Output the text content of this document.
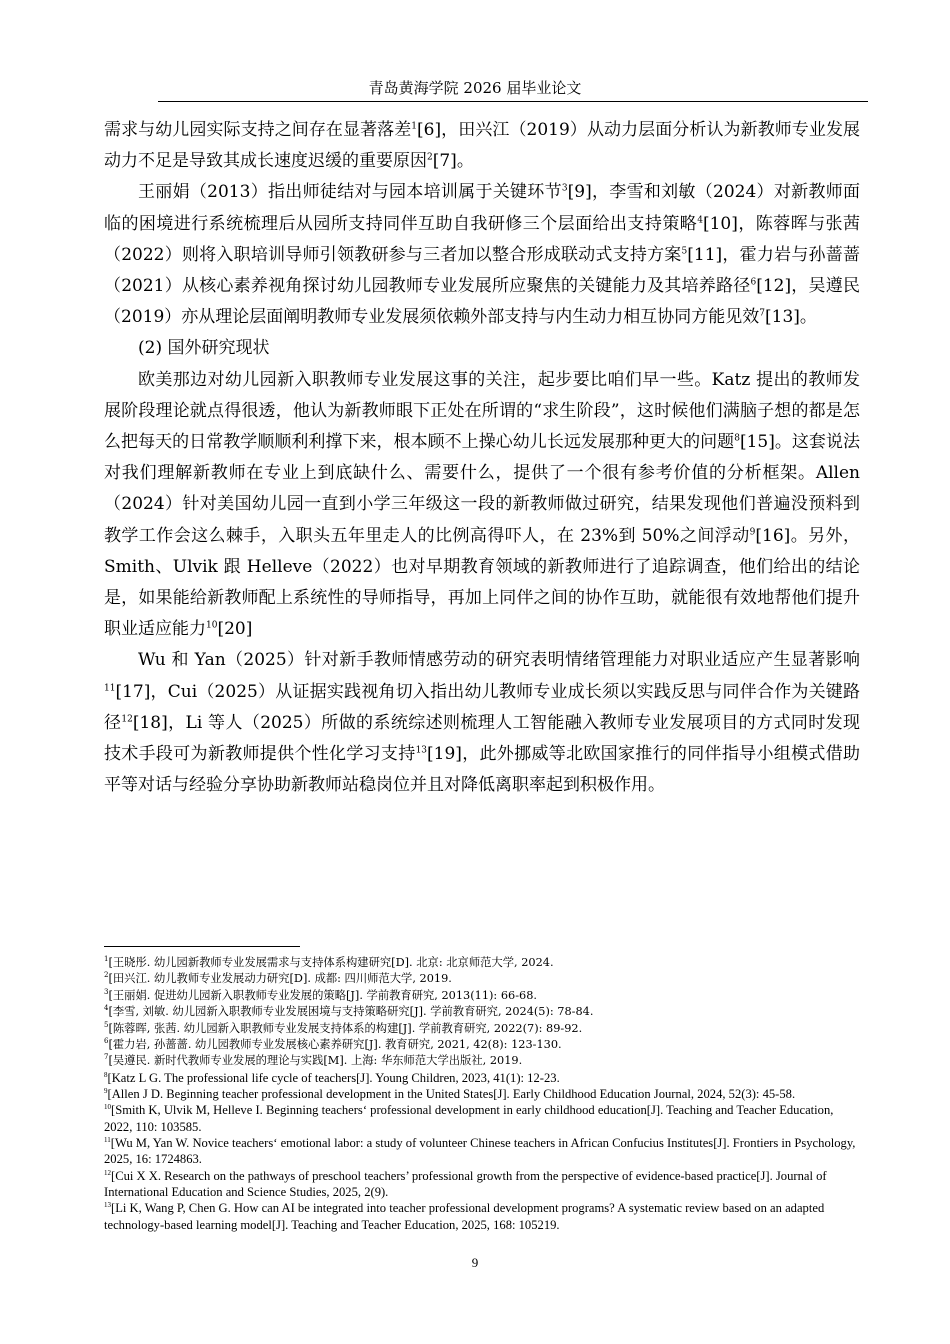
青岛黄海学院 2026 届毕业论文

需求与幼儿园实际支持之间存在显著落差$^1$[6]，田兴江（2019）从动力层面分析认为新教师专业发展动力不足是导致其成长速度迟缓的重要原因$^2$[7]。

王丽娟（2013）指出师徒结对与园本培训属于关键环节$^3$[9]，李雪和刘敏（2024）对新教师面临的困境进行系统梳理后从园所支持同伴互助自我研修三个层面给出支持策略$^4$[10]，陈蓉晖与张茜（2022）则将入职培训导师引领教研参与三者加以整合形成联动式支持方案$^5$[11]，霍力岩与孙蔷蔷（2021）从核心素养视角探讨幼儿园教师专业发展所应聚焦的关键能力及其培养路径$^6$[12]，吴遵民（2019）亦从理论层面阐明教师专业发展须依赖外部支持与内生动力相互协同方能见效$^7$[13]。

(2) 国外研究现状

欧美那边对幼儿园新入职教师专业发展这事的关注，起步要比咱们早一些。Katz 提出的教师发展阶段理论就点得很透，他认为新教师眼下正处在所谓的“求生阶段”，这时候他们满脑子想的都是怎么把每天的日常教学顺顺利利撑下来，根本顾不上操心幼儿长远发展那种更大的问题$^8$[15]。这套说法对我们理解新教师在专业上到底缺什么、需要什么，提供了一个很有参考价值的分析框架。Allen（2024）针对美国幼儿园一直到小学三年级这一段的新教师做过研究，结果发现他们普遍没预料到教学工作会这么棘手，入职头五年里走人的比例高得吓人，在 23%到 50%之间浮动$^9$[16]。另外，Smith、Ulvik 跟 Helleve（2022）也对早期教育领域的新教师进行了追踪调查，他们给出的结论是，如果能给新教师配上系统性的导师指导，再加上同伴之间的协作互助，就能很有效地帮他们提升职业适应能力$^{10}$[20]

Wu 和 Yan（2025）针对新手教师情感劳动的研究表明情绪管理能力对职业适应产生显著影响$^{11}$[17]，Cui（2025）从证据实践视角切入指出幼儿教师专业成长须以实践反思与同伴合作为关键路径$^{12}$[18]，Li 等人（2025）所做的系统综述则梳理人工智能融入教师专业发展项目的方式同时发现技术手段可为新教师提供个性化学习支持$^{13}$[19]，此外挪威等北欧国家推行的同伴指导小组模式借助平等对话与经验分享协助新教师站稳岗位并且对降低离职率起到积极作用。

$^1$[王晓彤. 幼儿园新教师专业发展需求与支持体系构建研究[D]. 北京: 北京师范大学, 2024.

$^2$[田兴江. 幼儿教师专业发展动力研究[D]. 成都: 四川师范大学, 2019.

$^3$[王丽娟. 促进幼儿园新入职教师专业发展的策略[J]. 学前教育研究, 2013(11): 66-68.

$^4$[李雪, 刘敏. 幼儿园新入职教师专业发展困境与支持策略研究[J]. 学前教育研究, 2024(5): 78-84.

$^5$[陈蓉晖, 张茜. 幼儿园新入职教师专业发展支持体系的构建[J]. 学前教育研究, 2022(7): 89-92.

$^6$[霍力岩, 孙蔷蔷. 幼儿园教师专业发展核心素养研究[J]. 教育研究, 2021, 42(8): 123-130.

$^7$[吴遵民. 新时代教师专业发展的理论与实践[M]. 上海: 华东师范大学出版社, 2019.

$^8$[Katz L G. The professional life cycle of teachers[J]. Young Children, 2023, 41(1): 12-23.

$^9$[Allen J D. Beginning teacher professional development in the United States[J]. Early Childhood Education Journal, 2024, 52(3): 45-58.

$^{10}$[Smith K, Ulvik M, Helleve I. Beginning teachers‘ professional development in early childhood education[J]. Teaching and Teacher Education, 2022, 110: 103585.

$^{11}$[Wu M, Yan W. Novice teachers‘ emotional labor: a study of volunteer Chinese teachers in African Confucius Institutes[J]. Frontiers in Psychology, 2025, 16: 1724863.

$^{12}$[Cui X X. Research on the pathways of preschool teachers’ professional growth from the perspective of evidence-based practice[J]. Journal of International Education and Science Studies, 2025, 2(9).

$^{13}$[Li K, Wang P, Chen G. How can AI be integrated into teacher professional development programs? A systematic review based on an adapted technology-based learning model[J]. Teaching and Teacher Education, 2025, 168: 105219.

9
